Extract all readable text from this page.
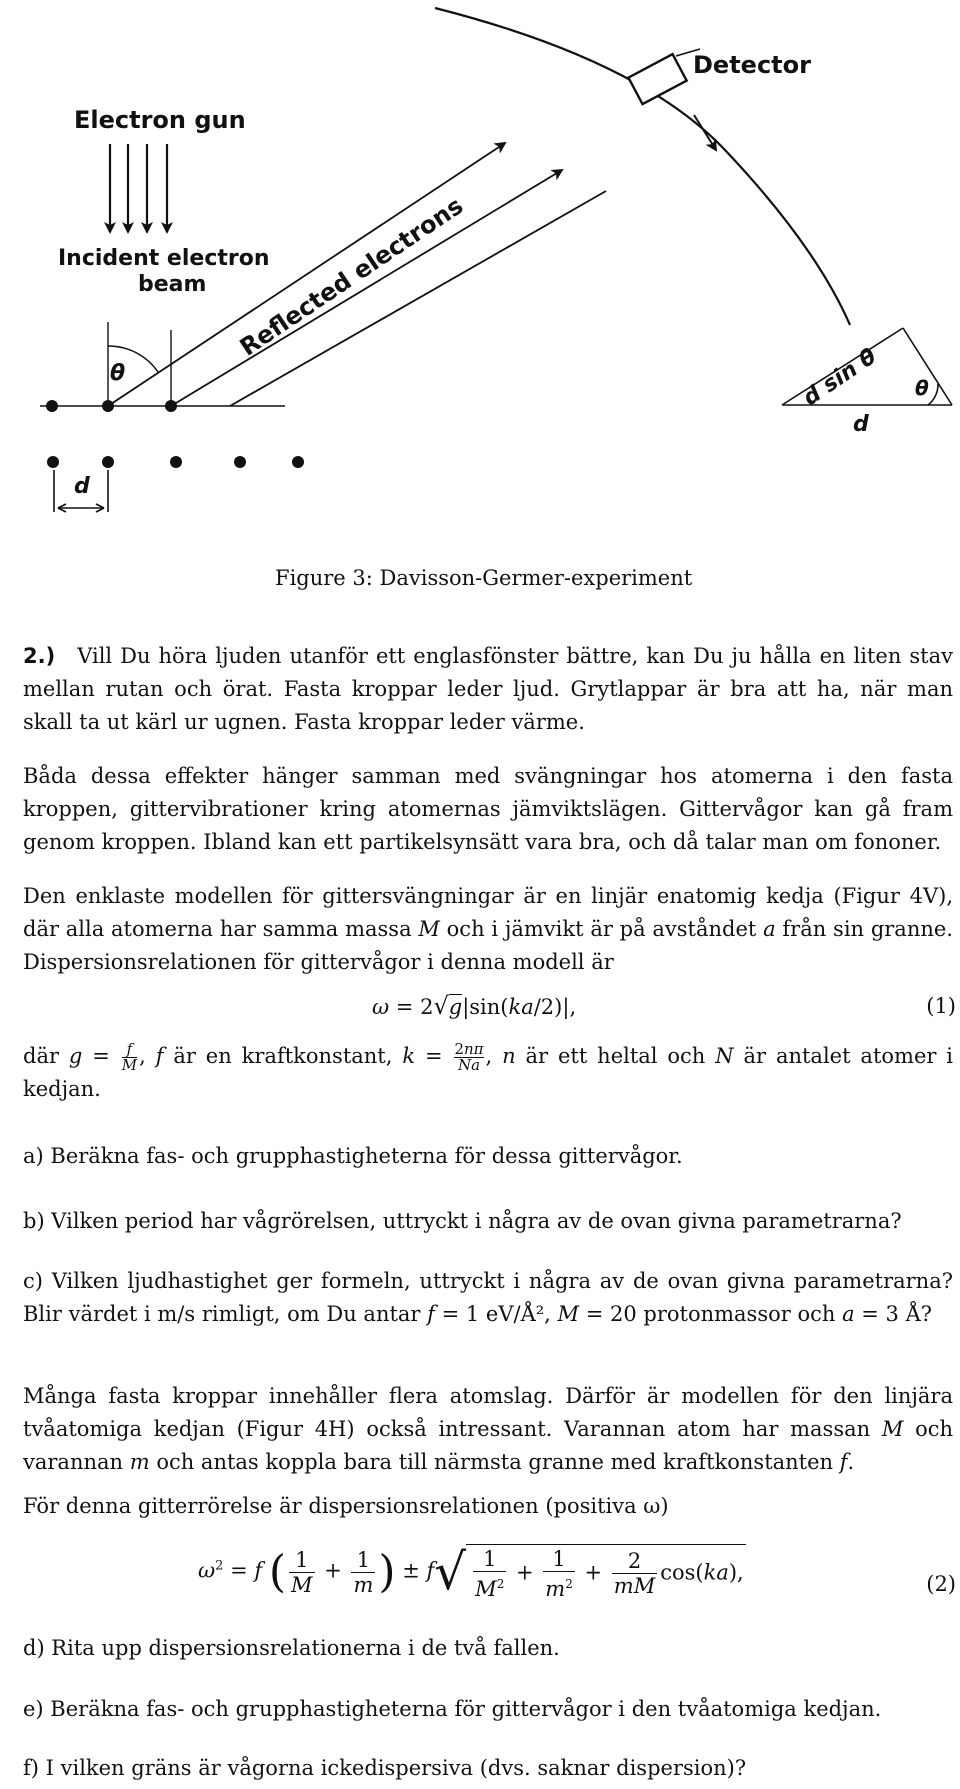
Electron gun
Incident electron
beam Reflected electrons
Detector
θ
d
d sin θ
d
θ
Figure 3: Davisson-Germer-experiment

2.) Vill Du höra ljuden utanför ett englasfönster bättre, kan Du ju hålla en liten stav mellan rutan och örat. Fasta kroppar leder ljud. Grytlappar är bra att ha, när man skall ta ut kärl ur ugnen. Fasta kroppar leder värme.

Båda dessa effekter hänger samman med svängningar hos atomerna i den fasta kroppen, gittervibrationer kring atomernas jämviktslägen. Gittervågor kan gå fram genom kroppen. Ibland kan ett partikelsynsätt vara bra, och då talar man om fononer.

Den enklaste modellen för gittersvängningar är en linjär enatomig kedja (Figur 4V), där alla atomerna har samma massa M och i jämvikt är på avståndet a från sin granne. Dispersionsrelationen för gittervågor i denna modell är

ω = 2√g|sin(ka/2)|,	(1)

där $g = \frac{f}{M}$ , f är en kraftkonstant, $k = \frac{2n\pi}{Na}$ , n är ett heltal och N är antalet atomer i kedjan.

a) Beräkna fas- och grupphastigheterna för dessa gittervågor.

b) Vilken period har vågrörelsen, uttryckt i några av de ovan givna parametrarna?

c) Vilken ljudhastighet ger formeln, uttryckt i några av de ovan givna parametrarna? Blir värdet i m/s rimligt, om Du antar f = 1 eV/Å², M = 20 protonmassor och a = 3 Å?

Många fasta kroppar innehåller flera atomslag. Därför är modellen för den linjära tvåatomiga kedjan (Figur 4H) också intressant. Varannan atom har massan M och varannan m och antas koppla bara till närmsta granne med kraftkonstanten f.

För denna gitterrörelse är dispersionsrelationen (positiva ω)

$\omega^2 = f$ ( $\frac{1}{M} + \frac{1}{m}$ ) ± $f√ \frac{1}{M^2} + \frac{1}{m^2} + \frac{2}{mM} \cos(ka)$,	(2)

d) Rita upp dispersionsrelationerna i de två fallen.

e) Beräkna fas- och grupphastigheterna för gittervågor i den tvåatomiga kedjan.

f) I vilken gräns är vågorna ickedispersiva (dvs. saknar dispersion)?
